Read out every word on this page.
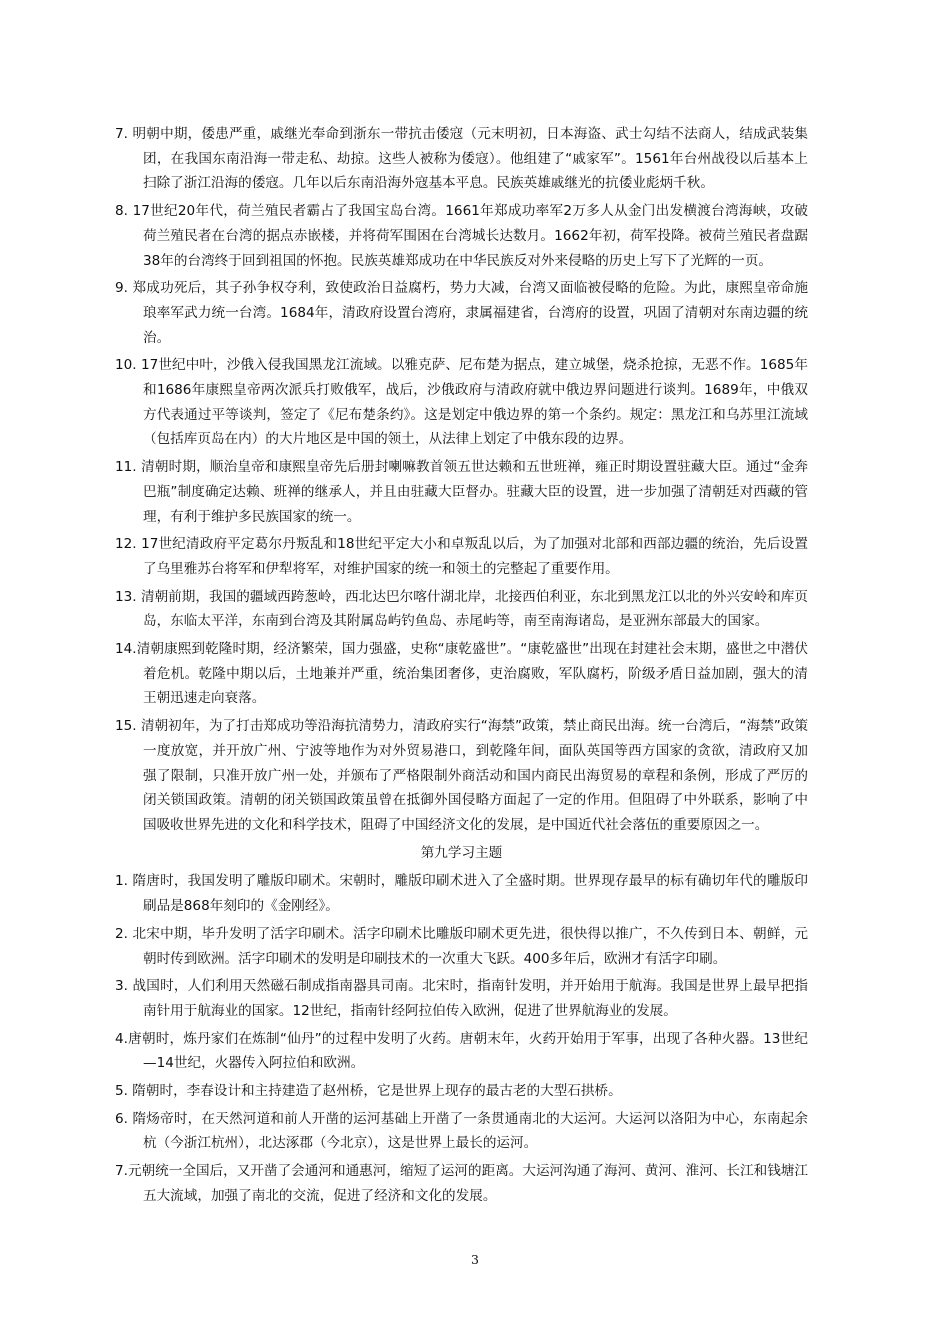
7. 明朝中期，倭患严重，戚继光奉命到浙东一带抗击倭寇（元末明初，日本海盗、武士勾结不法商人，结成武装集团，在我国东南沿海一带走私、劫掠。这些人被称为倭寇）。他组建了“戚家军”。1561年台州战役以后基本上扫除了浙江沿海的倭寇。几年以后东南沿海外寇基本平息。民族英雄戚继光的抗倭业彪炳千秋。

8. 17世纪20年代，荷兰殖民者霸占了我国宝岛台湾。1661年郑成功率军2万多人从金门出发横渡台湾海峡，攻破荷兰殖民者在台湾的据点赤嵌楼，并将荷军围困在台湾城长达数月。1662年初，荷军投降。被荷兰殖民者盘踞38年的台湾终于回到祖国的怀抱。民族英雄郑成功在中华民族反对外来侵略的历史上写下了光辉的一页。

9. 郑成功死后，其子孙争权夺利，致使政治日益腐朽，势力大减，台湾又面临被侵略的危险。为此，康熙皇帝命施琅率军武力统一台湾。1684年，清政府设置台湾府，隶属福建省，台湾府的设置，巩固了清朝对东南边疆的统治。

10. 17世纪中叶，沙俄入侵我国黑龙江流域。以雅克萨、尼布楚为据点，建立城堡，烧杀抢掠，无恶不作。1685年和1686年康熙皇帝两次派兵打败俄军，战后，沙俄政府与清政府就中俄边界问题进行谈判。1689年，中俄双方代表通过平等谈判，签定了《尼布楚条约》。这是划定中俄边界的第一个条约。规定：黑龙江和乌苏里江流域（包括库页岛在内）的大片地区是中国的领土，从法律上划定了中俄东段的边界。

11. 清朝时期，顺治皇帝和康熙皇帝先后册封喇嘛教首领五世达赖和五世班禅，雍正时期设置驻藏大臣。通过“金奔巴瓶”制度确定达赖、班禅的继承人，并且由驻藏大臣督办。驻藏大臣的设置，进一步加强了清朝廷对西藏的管理，有利于维护多民族国家的统一。

12. 17世纪清政府平定葛尔丹叛乱和18世纪平定大小和卓叛乱以后，为了加强对北部和西部边疆的统治，先后设置了乌里雅苏台将军和伊犁将军，对维护国家的统一和领土的完整起了重要作用。

13. 清朝前期，我国的疆域西跨葱岭，西北达巴尔喀什湖北岸，北接西伯利亚，东北到黑龙江以北的外兴安岭和库页岛，东临太平洋，东南到台湾及其附属岛屿钓鱼岛、赤尾屿等，南至南海诸岛，是亚洲东部最大的国家。

14.清朝康熙到乾隆时期，经济繁荣，国力强盛，史称“康乾盛世”。“康乾盛世”出现在封建社会末期，盛世之中潜伏着危机。乾隆中期以后，土地兼并严重，统治集团奢侈，吏治腐败，军队腐朽，阶级矛盾日益加剧，强大的清王朝迅速走向衰落。

15. 清朝初年，为了打击郑成功等沿海抗清势力，清政府实行“海禁”政策，禁止商民出海。统一台湾后，“海禁”政策一度放宽，并开放广州、宁波等地作为对外贸易港口，到乾隆年间，面队英国等西方国家的贪欲，清政府又加强了限制，只准开放广州一处，并颁布了严格限制外商活动和国内商民出海贸易的章程和条例，形成了严厉的闭关锁国政策。清朝的闭关锁国政策虽曾在抵御外国侵略方面起了一定的作用。但阻碍了中外联系，影响了中国吸收世界先进的文化和科学技术，阻碍了中国经济文化的发展，是中国近代社会落伍的重要原因之一。

第九学习主题

1. 隋唐时，我国发明了雕版印刷术。宋朝时，雕版印刷术进入了全盛时期。世界现存最早的标有确切年代的雕版印刷品是868年刻印的《金刚经》。

2. 北宋中期，毕升发明了活字印刷术。活字印刷术比雕版印刷术更先进，很快得以推广，不久传到日本、朝鲜，元朝时传到欧洲。活字印刷术的发明是印刷技术的一次重大飞跃。400多年后，欧洲才有活字印刷。

3. 战国时，人们利用天然磁石制成指南器具司南。北宋时，指南针发明，并开始用于航海。我国是世界上最早把指南针用于航海业的国家。12世纪，指南针经阿拉伯传入欧洲，促进了世界航海业的发展。

4.唐朝时，炼丹家们在炼制“仙丹”的过程中发明了火药。唐朝末年，火药开始用于军事，出现了各种火器。13世纪—14世纪，火器传入阿拉伯和欧洲。

5. 隋朝时，李春设计和主持建造了赵州桥，它是世界上现存的最古老的大型石拱桥。

6. 隋炀帝时，在天然河道和前人开凿的运河基础上开凿了一条贯通南北的大运河。大运河以洛阳为中心，东南起余杭（今浙江杭州），北达涿郡（今北京），这是世界上最长的运河。

7.元朝统一全国后，又开凿了会通河和通惠河，缩短了运河的距离。大运河沟通了海河、黄河、淮河、长江和钱塘江五大流域，加强了南北的交流，促进了经济和文化的发展。

3
